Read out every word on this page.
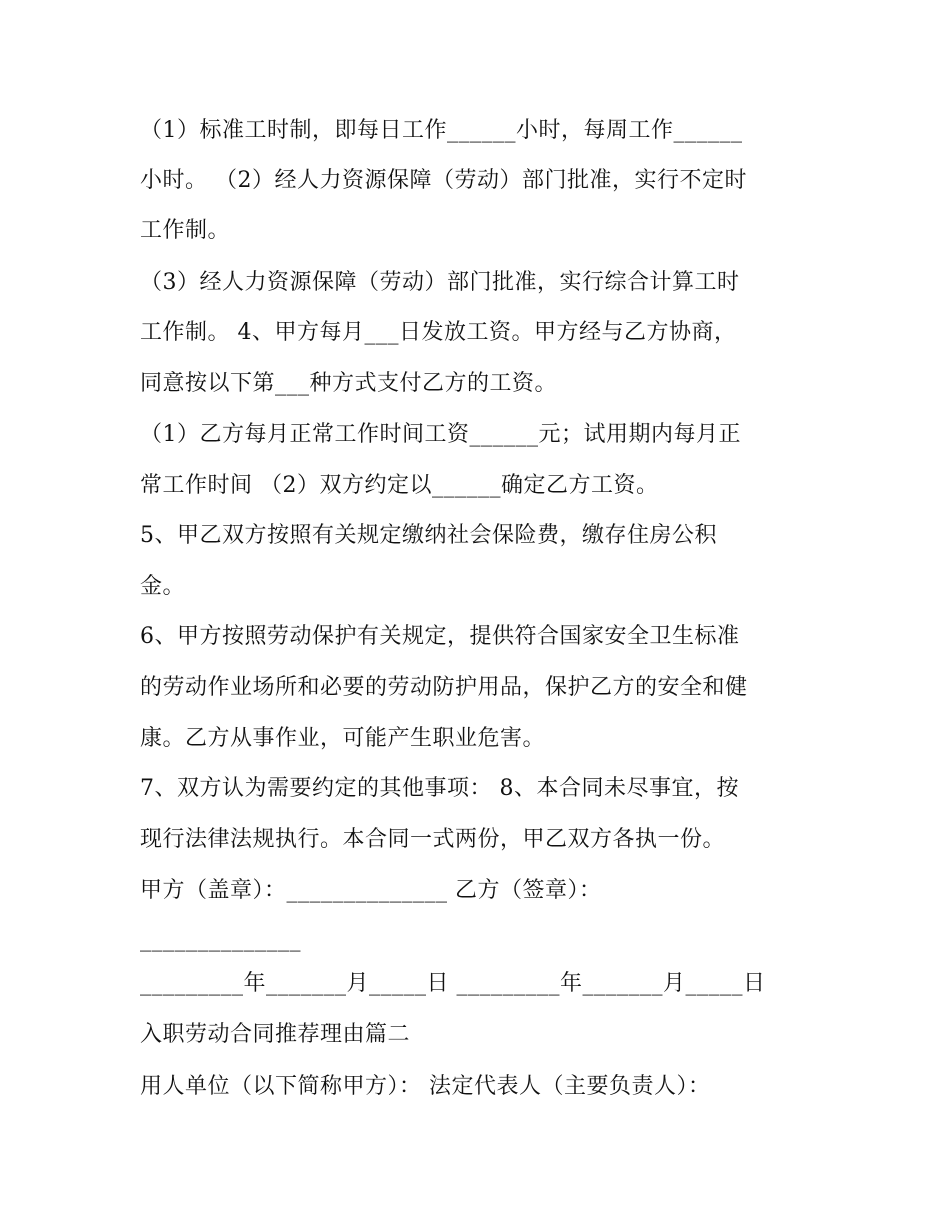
（1）标准工时制，即每日工作______小时，每周工作______
小时。 （2）经人力资源保障（劳动）部门批准，实行不定时
工作制。
（3）经人力资源保障（劳动）部门批准，实行综合计算工时
工作制。 4、甲方每月___日发放工资。甲方经与乙方协商，
同意按以下第___种方式支付乙方的工资。
（1）乙方每月正常工作时间工资______元；试用期内每月正
常工作时间 （2）双方约定以______确定乙方工资。
5、甲乙双方按照有关规定缴纳社会保险费，缴存住房公积
金。
6、甲方按照劳动保护有关规定，提供符合国家安全卫生标准
的劳动作业场所和必要的劳动防护用品，保护乙方的安全和健
康。乙方从事作业，可能产生职业危害。
7、双方认为需要约定的其他事项： 8、本合同未尽事宜，按
现行法律法规执行。本合同一式两份，甲乙双方各执一份。
甲方（盖章）：______________ 乙方（签章）：
______________
_________年_______月_____日 _________年_______月_____日
入职劳动合同推荐理由篇二
用人单位（以下简称甲方）： 法定代表人（主要负责人）：
